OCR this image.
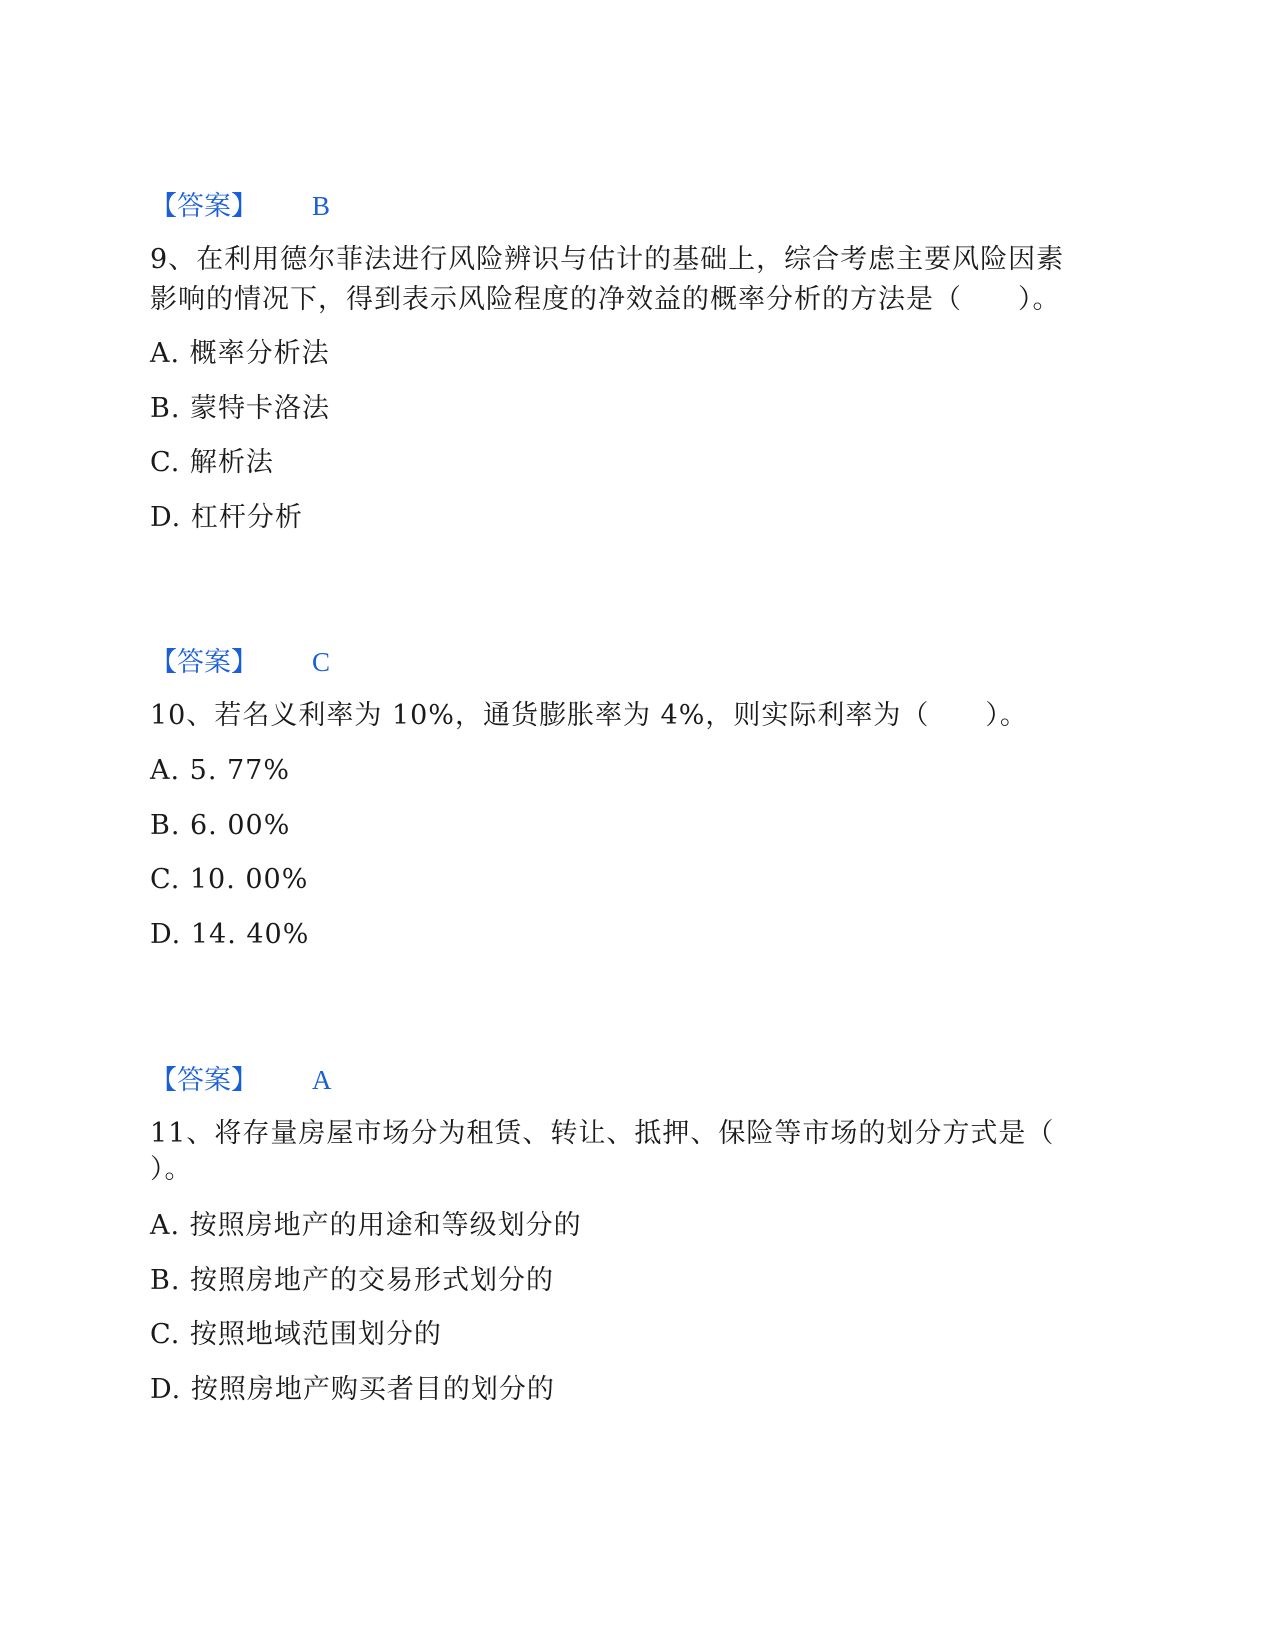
【答案】 B
9、在利用德尔菲法进行风险辨识与估计的基础上，综合考虑主要风险因素
影响的情况下，得到表示风险程度的净效益的概率分析的方法是（　　）。
A. 概率分析法
B. 蒙特卡洛法
C. 解析法
D. 杠杆分析
【答案】 C
10、若名义利率为 10%，通货膨胀率为 4%，则实际利率为（　　）。
A. 5. 77%
B. 6. 00%
C. 10. 00%
D. 14. 40%
【答案】 A
11、将存量房屋市场分为租赁、转让、抵押、保险等市场的划分方式是（
）。
A. 按照房地产的用途和等级划分的
B. 按照房地产的交易形式划分的
C. 按照地域范围划分的
D. 按照房地产购买者目的划分的
